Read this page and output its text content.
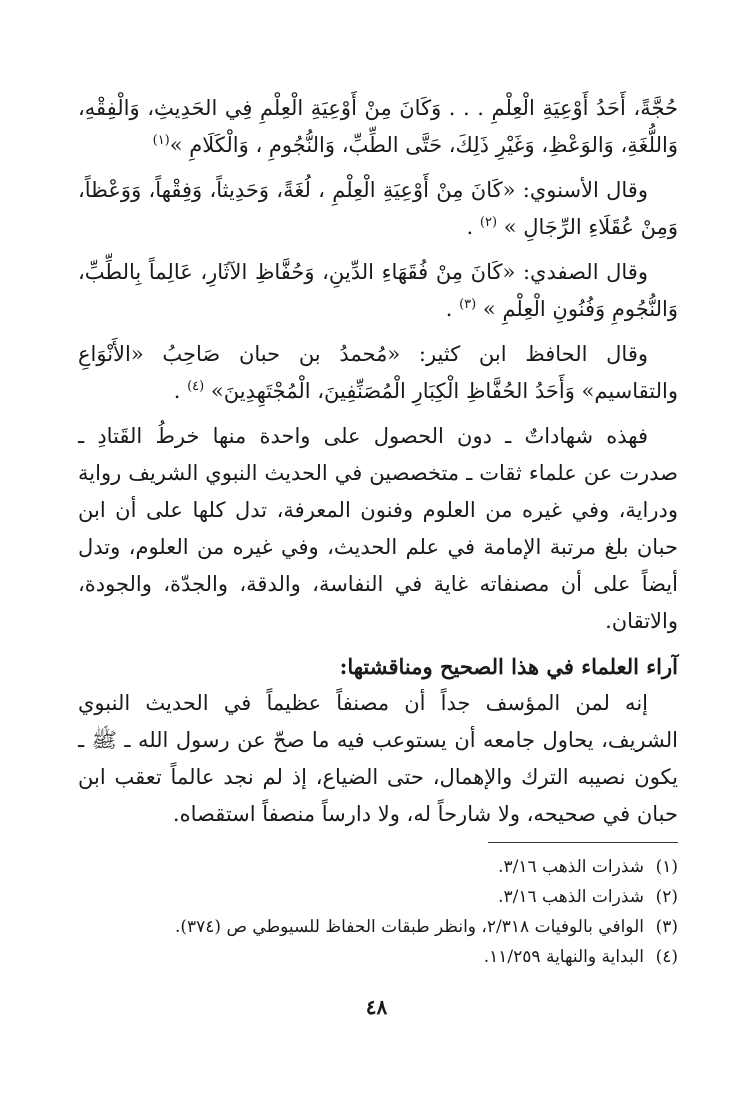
حُجَّةً، أَحَدُ أَوْعِيَةِ الْعِلْمِ . . . وَكَانَ مِنْ أَوْعِيَةِ الْعِلْمِ فِي الحَدِيثِ، وَالْفِقْهِ، وَاللُّغَةِ، وَالوَعْظِ، وَغَيْرِ ذَلِكَ، حَتَّى الطِّبِّ، وَالنُّجُومِ ، وَالْكَلَامِ »$^{(١)}$

وقال الأسنوي: «كَانَ مِنْ أَوْعِيَةِ الْعِلْمِ ، لُغَةً، وَحَدِيثاً، وَفِقْهاً، وَوَعْظاً، وَمِنْ عُقَلَاءِ الرِّجَالِ » $^{(٢)}$ .

وقال الصفدي: «كَانَ مِنْ فُقَهَاءِ الدِّينِ، وَحُفَّاظِ الآثَارِ، عَالِماً بِالطِّبِّ، وَالنُّجُومِ وَفُنُونِ الْعِلْمِ » $^{(٣)}$ .

وقال الحافظ ابن كثير: «مُحمدُ بن حبان صَاحِبُ «الأَنْوَاعِ والتقاسيم» وَأَحَدُ الحُفَّاظِ الْكِبَارِ الْمُصَنِّفِينَ، الْمُجْتَهِدِينَ» $^{(٤)}$ .

فهذه شهاداتٌ ـ دون الحصول على واحدة منها خرطُ القَتادِ ـ صدرت عن علماء ثقات ـ متخصصين في الحديث النبوي الشريف رواية ودراية، وفي غيره من العلوم وفنون المعرفة، تدل كلها على أن ابن حبان بلغ مرتبة الإمامة في علم الحديث، وفي غيره من العلوم، وتدل أيضاً على أن مصنفاته غاية في النفاسة، والدقة، والجدّة، والجودة، والاتقان.

آراء العلماء في هذا الصحيح ومناقشتها:

إنه لمن المؤسف جداً أن مصنفاً عظيماً في الحديث النبوي الشريف، يحاول جامعه أن يستوعب فيه ما صحّ عن رسول الله ـ ﷺ ـ يكون نصيبه الترك والإهمال، حتى الضياع، إذ لم نجد عالماً تعقب ابن حبان في صحيحه، ولا شارحاً له، ولا دارساً منصفاً استقصاه.

(١)شذرات الذهب ٣/١٦.
(٢)شذرات الذهب ٣/١٦.
(٣)الوافي بالوفيات ٢/٣١٨، وانظر طبقات الحفاظ للسيوطي ص (٣٧٤).
(٤)البداية والنهاية ١١/٢٥٩.
٤٨
